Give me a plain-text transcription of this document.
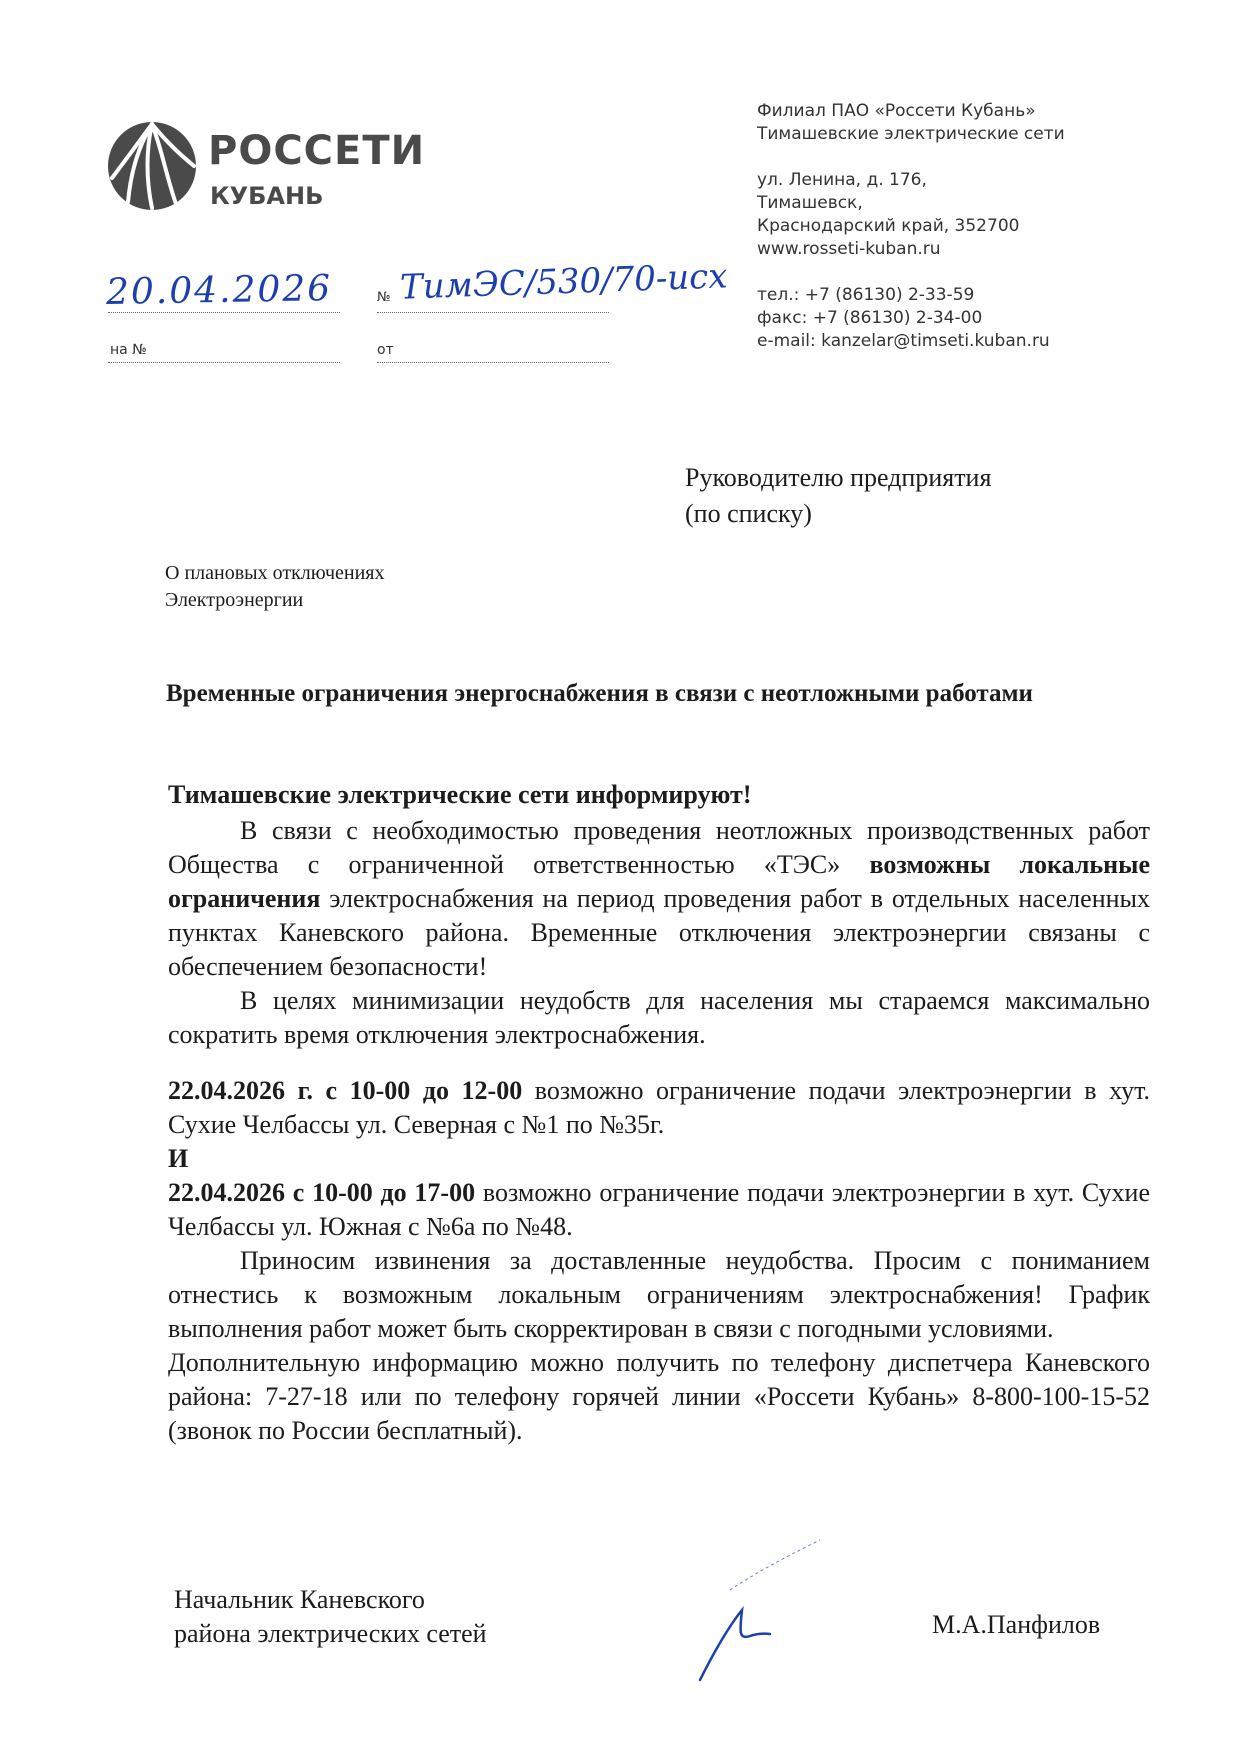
РОССЕТИ
КУБАНЬ
Филиал ПАО «Россети Кубань»
Тимашевские электрические сети
ул. Ленина, д. 176,
Тимашевск,
Краснодарский край, 352700
www.rosseti-kuban.ru
тел.: +7 (86130) 2-33-59
факс: +7 (86130) 2-34-00
e-mail: kanzelar@timseti.kuban.ru
20.04.2026	№ ТимЭС/530/70-исх
на №	от
Руководителю предприятия
(по списку)
О плановых отключениях
Электроэнергии
Временные ограничения энергоснабжения в связи с неотложными работами
Тимашевские электрические сети информируют!

В связи с необходимостью проведения неотложных производственных работ Общества с ограниченной ответственностью «ТЭС» возможны локальные ограничения электроснабжения на период проведения работ в отдельных населенных пунктах Каневского района. Временные отключения электроэнергии связаны с обеспечением безопасности!

В целях минимизации неудобств для населения мы стараемся максимально сократить время отключения электроснабжения.

22.04.2026 г. с 10-00 до 12-00 возможно ограничение подачи электроэнергии в хут. Сухие Челбассы ул. Северная с №1 по №35г.

И

22.04.2026 с 10-00 до 17-00 возможно ограничение подачи электроэнергии в хут. Сухие Челбассы ул. Южная с №6а по №48.

Приносим извинения за доставленные неудобства. Просим с пониманием отнестись к возможным локальным ограничениям электроснабжения! График выполнения работ может быть скорректирован в связи с погодными условиями.

Дополнительную информацию можно получить по телефону диспетчера Каневского района: 7-27-18 или по телефону горячей линии «Россети Кубань» 8-800-100-15-52 (звонок по России бесплатный).

Начальник Каневского
района электрических сетей	М.А.Панфилов
